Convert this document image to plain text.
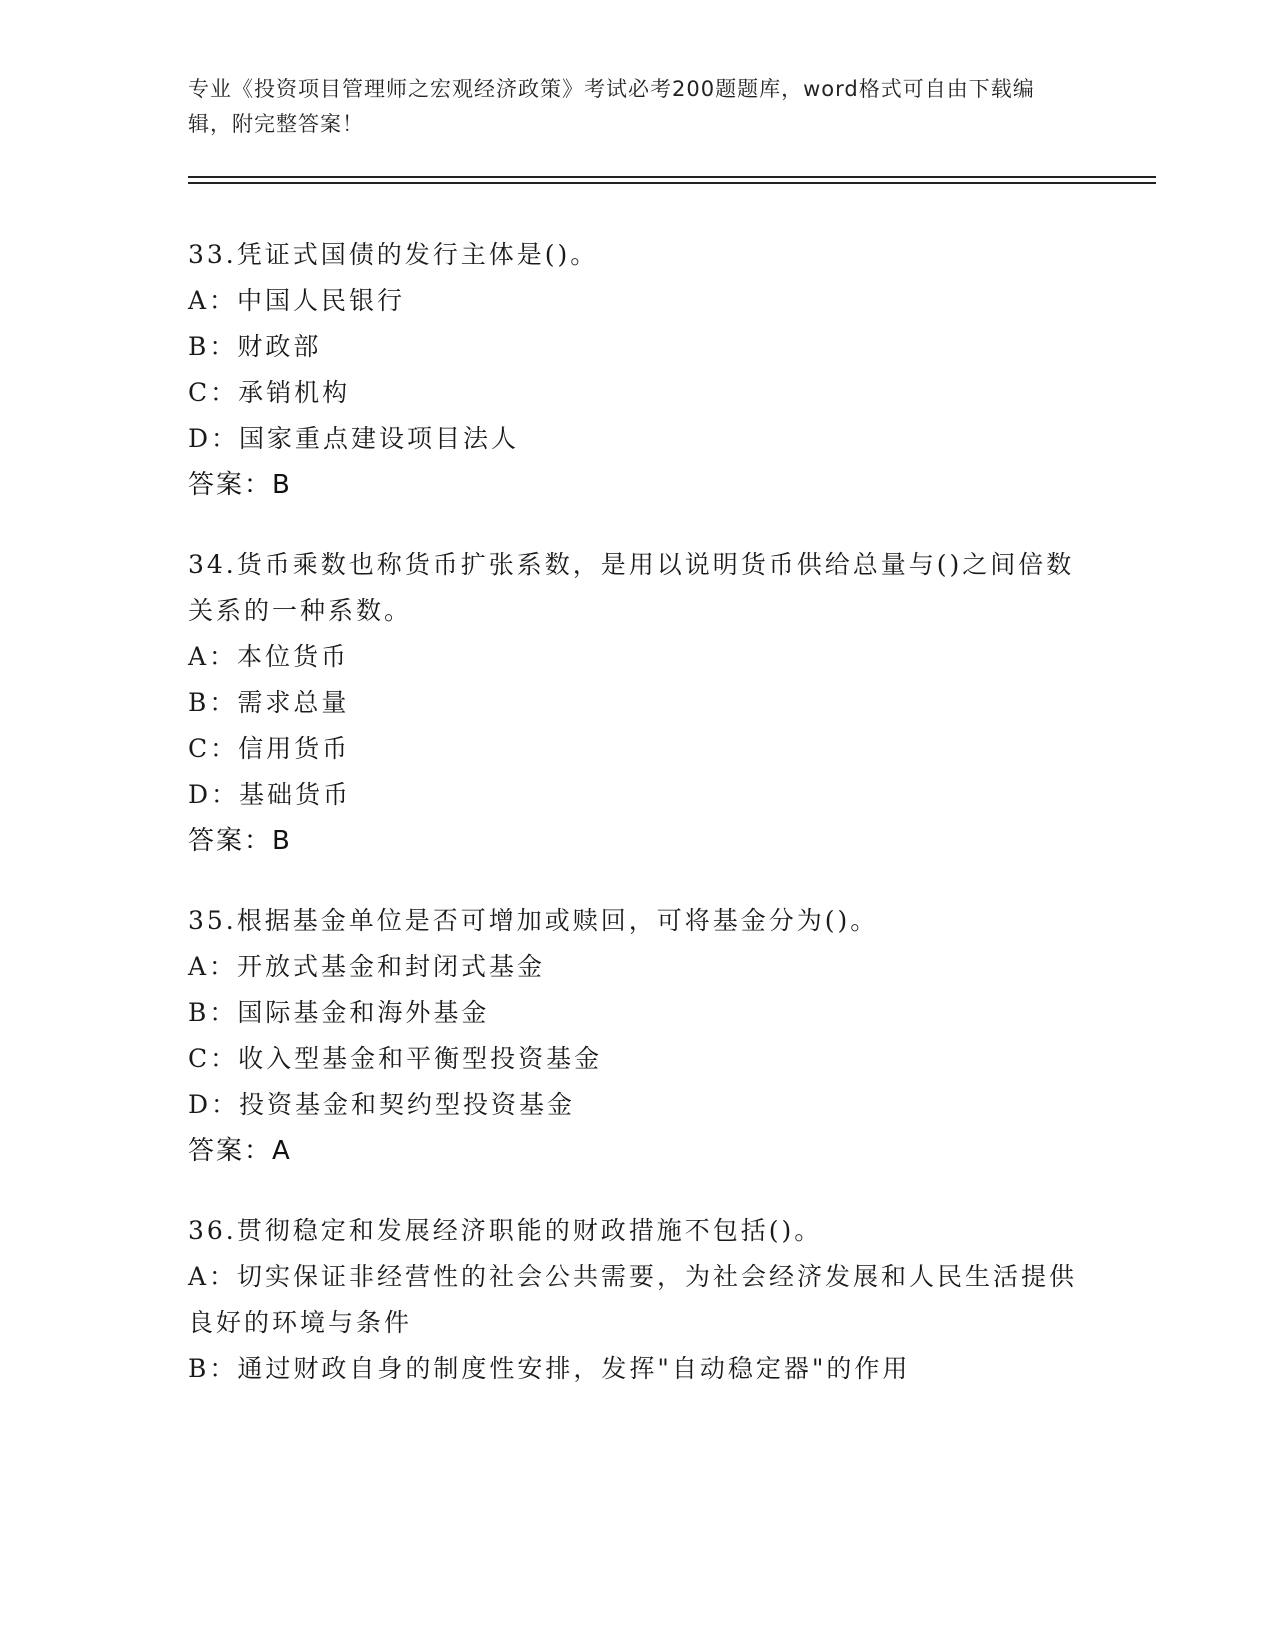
专业《投资项目管理师之宏观经济政策》考试必考200题题库，word格式可自由下载编辑，附完整答案！
33.凭证式国债的发行主体是()。
A：中国人民银行
B：财政部
C：承销机构
D：国家重点建设项目法人
答案：B
34.货币乘数也称货币扩张系数，是用以说明货币供给总量与()之间倍数关系的一种系数。
A：本位货币
B：需求总量
C：信用货币
D：基础货币
答案：B
35.根据基金单位是否可增加或赎回，可将基金分为()。
A：开放式基金和封闭式基金
B：国际基金和海外基金
C：收入型基金和平衡型投资基金
D：投资基金和契约型投资基金
答案：A
36.贯彻稳定和发展经济职能的财政措施不包括()。
A：切实保证非经营性的社会公共需要，为社会经济发展和人民生活提供良好的环境与条件
B：通过财政自身的制度性安排，发挥"自动稳定器"的作用
